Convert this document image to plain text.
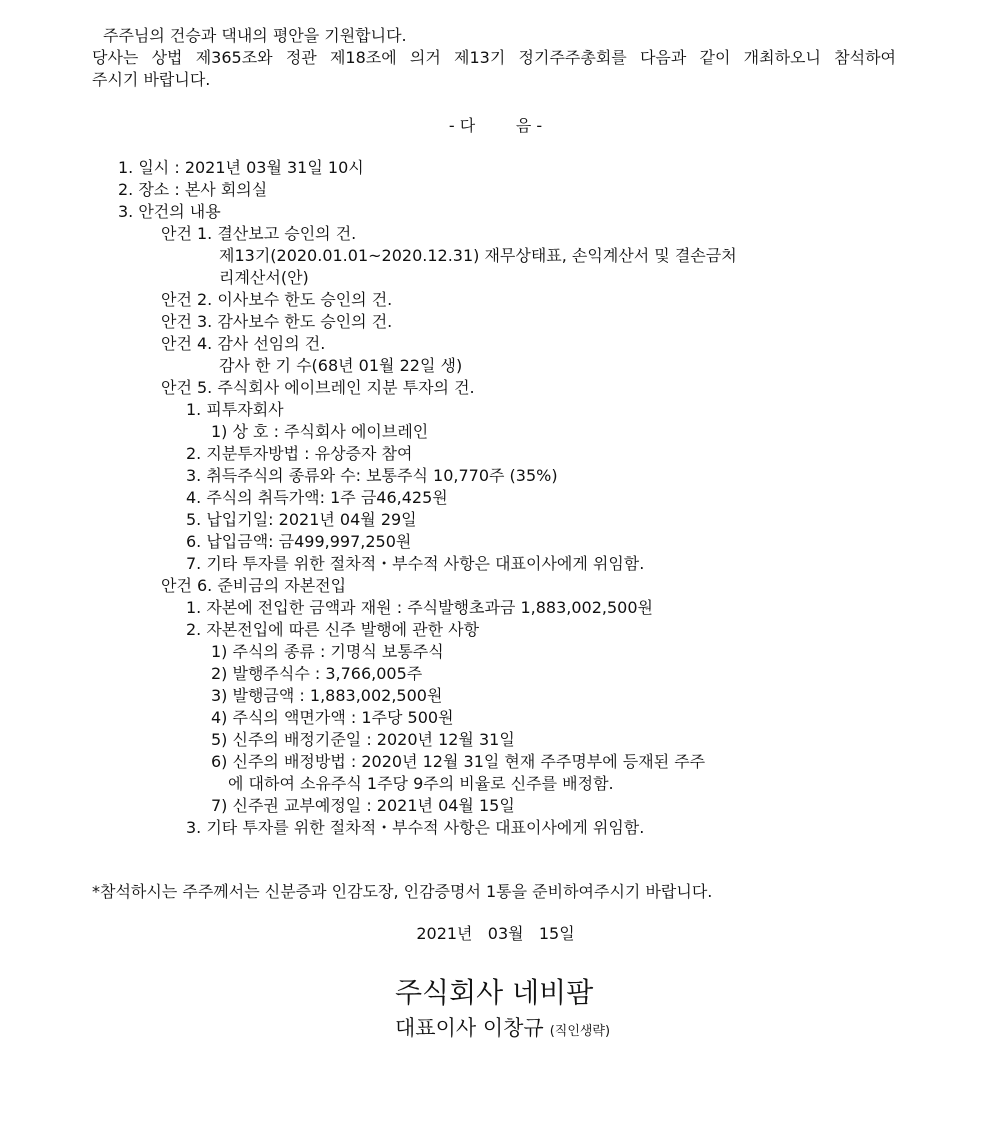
주주님의 건승과 댁내의 평안을 기원합니다.
당사는 상법 제365조와 정관 제18조에 의거 제13기 정기주주총회를 다음과 같이 개최하오니 참석하여
주시기 바랍니다.
- 다        음 -
1. 일시 : 2021년 03월 31일 10시
2. 장소 : 본사 회의실
3. 안건의 내용
안건 1. 결산보고 승인의 건.
제13기(2020.01.01~2020.12.31) 재무상태표, 손익계산서 및 결손금처
리계산서(안)
안건 2. 이사보수 한도 승인의 건.
안건 3. 감사보수 한도 승인의 건.
안건 4. 감사 선임의 건.
감사 한 기 수(68년 01월 22일 생)
안건 5. 주식회사 에이브레인 지분 투자의 건.
1. 피투자회사
1) 상 호 : 주식회사 에이브레인
2. 지분투자방법 : 유상증자 참여
3. 취득주식의 종류와 수: 보통주식 10,770주 (35%)
4. 주식의 취득가액: 1주 금46,425원
5. 납입기일: 2021년 04월 29일
6. 납입금액: 금499,997,250원
7. 기타 투자를 위한 절차적・부수적 사항은 대표이사에게 위임함.
안건 6. 준비금의 자본전입
1. 자본에 전입한 금액과 재원 : 주식발행초과금 1,883,002,500원
2. 자본전입에 따른 신주 발행에 관한 사항
1) 주식의 종류 : 기명식 보통주식
2) 발행주식수 : 3,766,005주
3) 발행금액 : 1,883,002,500원
4) 주식의 액면가액 : 1주당 500원
5) 신주의 배정기준일 : 2020년 12월 31일
6) 신주의 배정방법 : 2020년 12월 31일 현재 주주명부에 등재된 주주
에 대하여 소유주식 1주당 9주의 비율로 신주를 배정함.
7) 신주권 교부예정일 : 2021년 04월 15일
3. 기타 투자를 위한 절차적・부수적 사항은 대표이사에게 위임함.
*참석하시는 주주께서는 신분증과 인감도장, 인감증명서 1통을 준비하여주시기 바랍니다.
2021년   03월   15일
주식회사 네비팜
대표이사 이창규 (직인생략)
